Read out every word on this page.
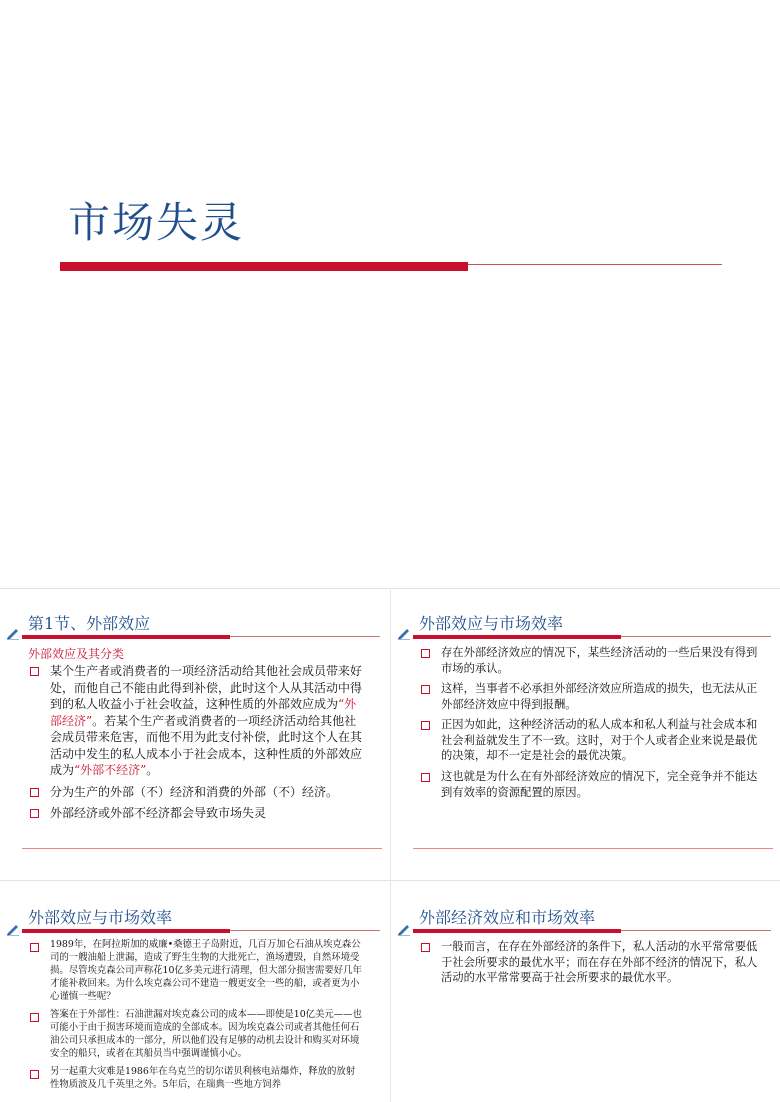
市场失灵
第1节、外部效应
外部效应及其分类
某个生产者或消费者的一项经济活动给其他社会成员带来好处，而他自己不能由此得到补偿，此时这个人从其活动中得到的私人收益小于社会收益，这种性质的外部效应成为“外部经济”。若某个生产者或消费者的一项经济活动给其他社会成员带来危害，而他不用为此支付补偿，此时这个人在其活动中发生的私人成本小于社会成本，这种性质的外部效应成为“外部不经济”。
分为生产的外部（不）经济和消费的外部（不）经济。
外部经济或外部不经济都会导致市场失灵
外部效应与市场效率
存在外部经济效应的情况下，某些经济活动的一些后果没有得到市场的承认。
这样，当事者不必承担外部经济效应所造成的损失，也无法从正外部经济效应中得到报酬。
正因为如此，这种经济活动的私人成本和私人利益与社会成本和社会利益就发生了不一致。这时，对于个人或者企业来说是最优的决策，却不一定是社会的最优决策。
这也就是为什么在有外部经济效应的情况下，完全竞争并不能达到有效率的资源配置的原因。
外部效应与市场效率
1989年，在阿拉斯加的威廉•桑德王子岛附近，几百万加仑石油从埃克森公司的一艘油船上泄漏，造成了野生生物的大批死亡，渔场遭毁，自然环境受损。尽管埃克森公司声称花10亿多美元进行清理，但大部分损害需要好几年才能补救回来。为什么埃克森公司不建造一艘更安全一些的船，或者更为小心谨慎一些呢？
答案在于外部性：石油泄漏对埃克森公司的成本——即使是10亿美元——也可能小于由于损害环境而造成的全部成本。因为埃克森公司或者其他任何石油公司只承担成本的一部分，所以他们没有足够的动机去设计和购买对环境安全的船只，或者在其船员当中强调谨慎小心。
另一起重大灾难是1986年在乌克兰的切尔诺贝利核电站爆炸，释放的放射性物质波及几千英里之外。5年后，在瑞典一些地方饲养
外部经济效应和市场效率
一般而言，在存在外部经济的条件下，私人活动的水平常常要低于社会所要求的最优水平；而在存在外部不经济的情况下，私人活动的水平常常要高于社会所要求的最优水平。
